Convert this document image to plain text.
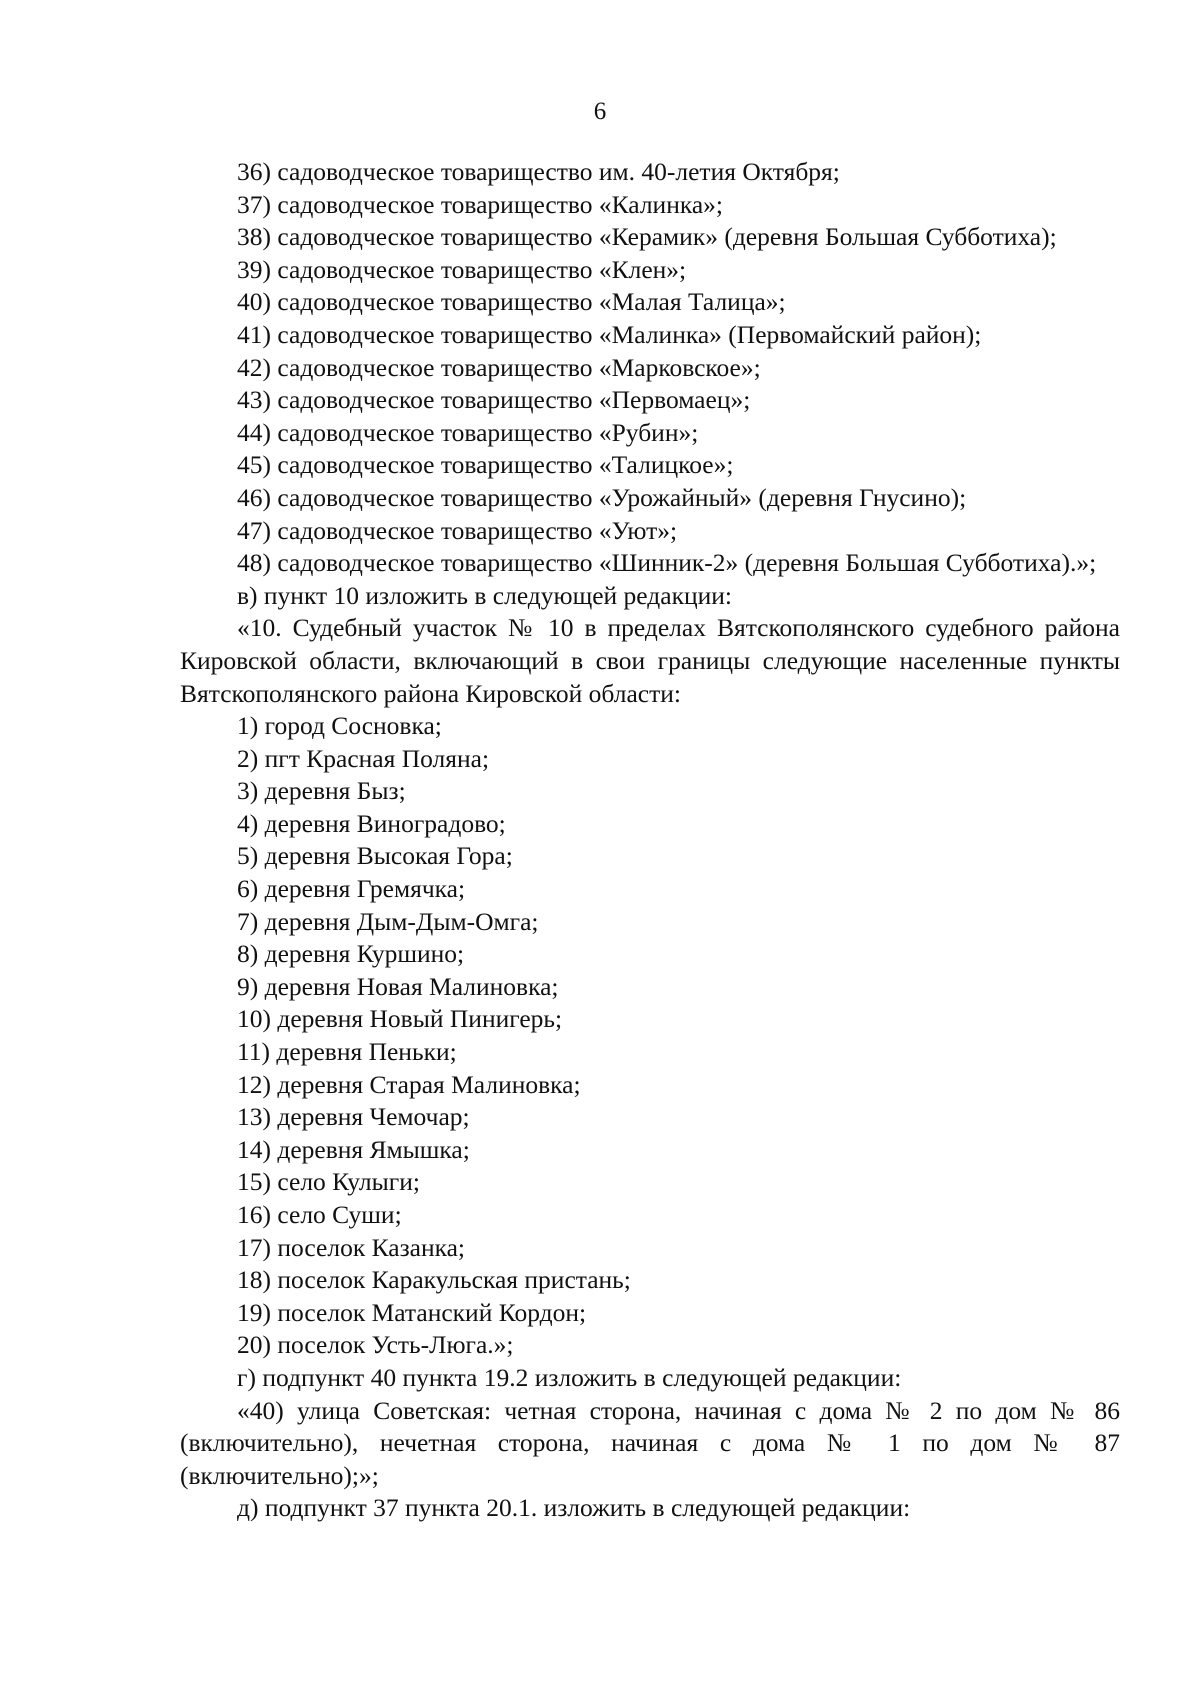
6

36) садоводческое товарищество им. 40-летия Октября;

37) садоводческое товарищество «Калинка»;

38) садоводческое товарищество «Керамик» (деревня Большая Субботиха);

39) садоводческое товарищество «Клен»;

40) садоводческое товарищество «Малая Талица»;

41) садоводческое товарищество «Малинка» (Первомайский район);

42) садоводческое товарищество «Марковское»;

43) садоводческое товарищество «Первомаец»;

44) садоводческое товарищество «Рубин»;

45) садоводческое товарищество «Талицкое»;

46) садоводческое товарищество «Урожайный» (деревня Гнусино);

47) садоводческое товарищество «Уют»;

48) садоводческое товарищество «Шинник-2» (деревня Большая Субботиха).»;

в) пункт 10 изложить в следующей редакции:

«10. Судебный участок № 10 в пределах Вятскополянского судебного района Кировской области, включающий в свои границы следующие населенные пункты Вятскополянского района Кировской области:

1) город Сосновка;

2) пгт Красная Поляна;

3) деревня Быз;

4) деревня Виноградово;

5) деревня Высокая Гора;

6) деревня Гремячка;

7) деревня Дым-Дым-Омга;

8) деревня Куршино;

9) деревня Новая Малиновка;

10) деревня Новый Пинигерь;

11) деревня Пеньки;

12) деревня Старая Малиновка;

13) деревня Чемочар;

14) деревня Ямышка;

15) село Кулыги;

16) село Суши;

17) поселок Казанка;

18) поселок Каракульская пристань;

19) поселок Матанский Кордон;

20) поселок Усть-Люга.»;

г) подпункт 40 пункта 19.2 изложить в следующей редакции:

«40) улица Советская: четная сторона, начиная с дома № 2 по дом № 86 (включительно), нечетная сторона, начиная с дома № 1 по дом № 87 (включительно);»;

д) подпункт 37 пункта 20.1. изложить в следующей редакции:
